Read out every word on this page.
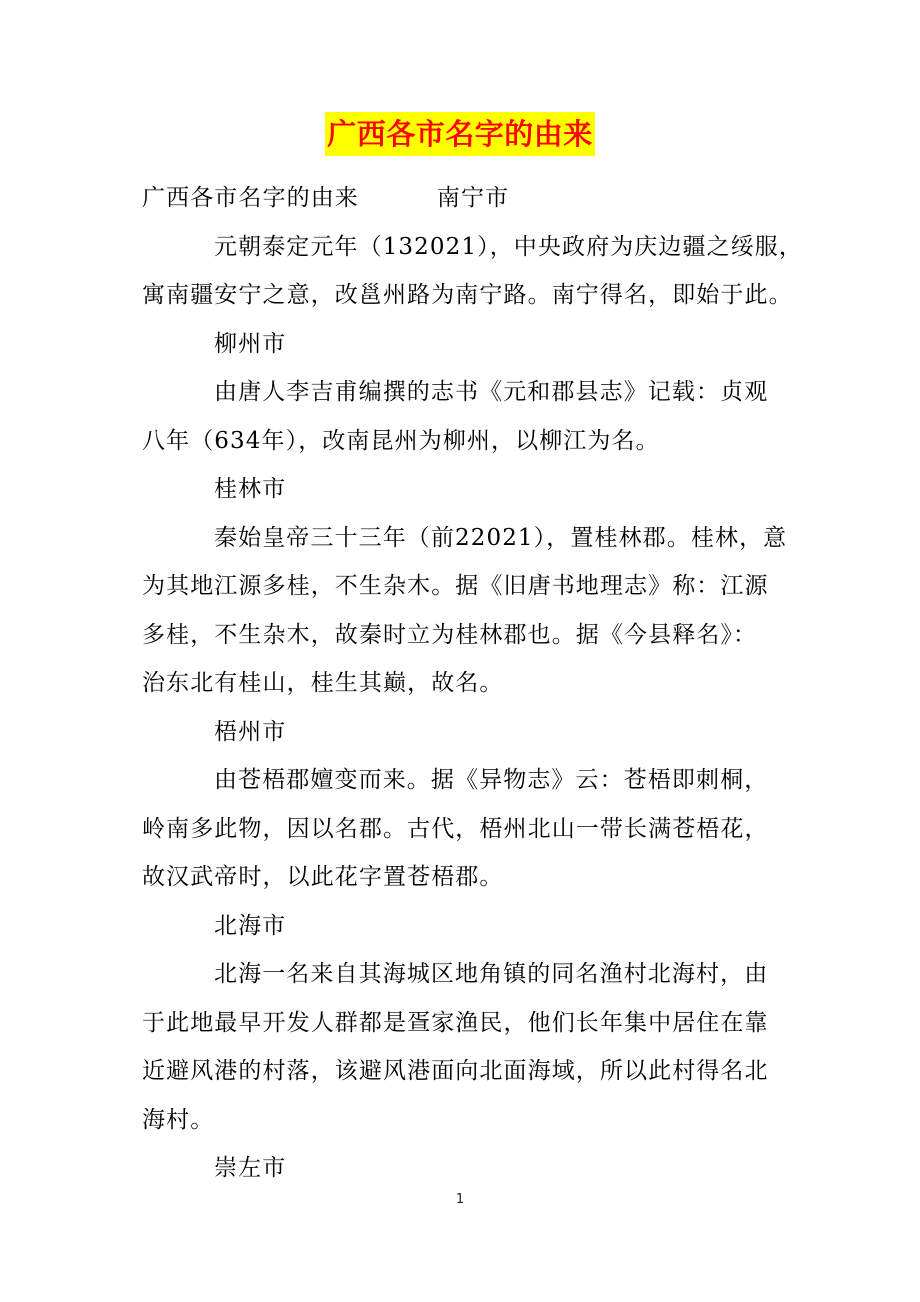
广西各市名字的由来
广西各市名字的由来	南宁市
元朝泰定元年（132021），中央政府为庆边疆之绥服，
寓南疆安宁之意，改邕州路为南宁路。南宁得名，即始于此。
柳州市
由唐人李吉甫编撰的志书《元和郡县志》记载：贞观
八年（634年），改南昆州为柳州，以柳江为名。
桂林市
秦始皇帝三十三年（前22021），置桂林郡。桂林，意
为其地江源多桂，不生杂木。据《旧唐书地理志》称：江源
多桂，不生杂木，故秦时立为桂林郡也。据《今县释名》：
治东北有桂山，桂生其巅，故名。
梧州市
由苍梧郡嬗变而来。据《异物志》云：苍梧即刺桐，
岭南多此物，因以名郡。古代，梧州北山一带长满苍梧花，
故汉武帝时，以此花字置苍梧郡。
北海市
北海一名来自其海城区地角镇的同名渔村北海村，由
于此地最早开发人群都是疍家渔民，他们长年集中居住在靠
近避风港的村落，该避风港面向北面海域，所以此村得名北
海村。
崇左市
1
